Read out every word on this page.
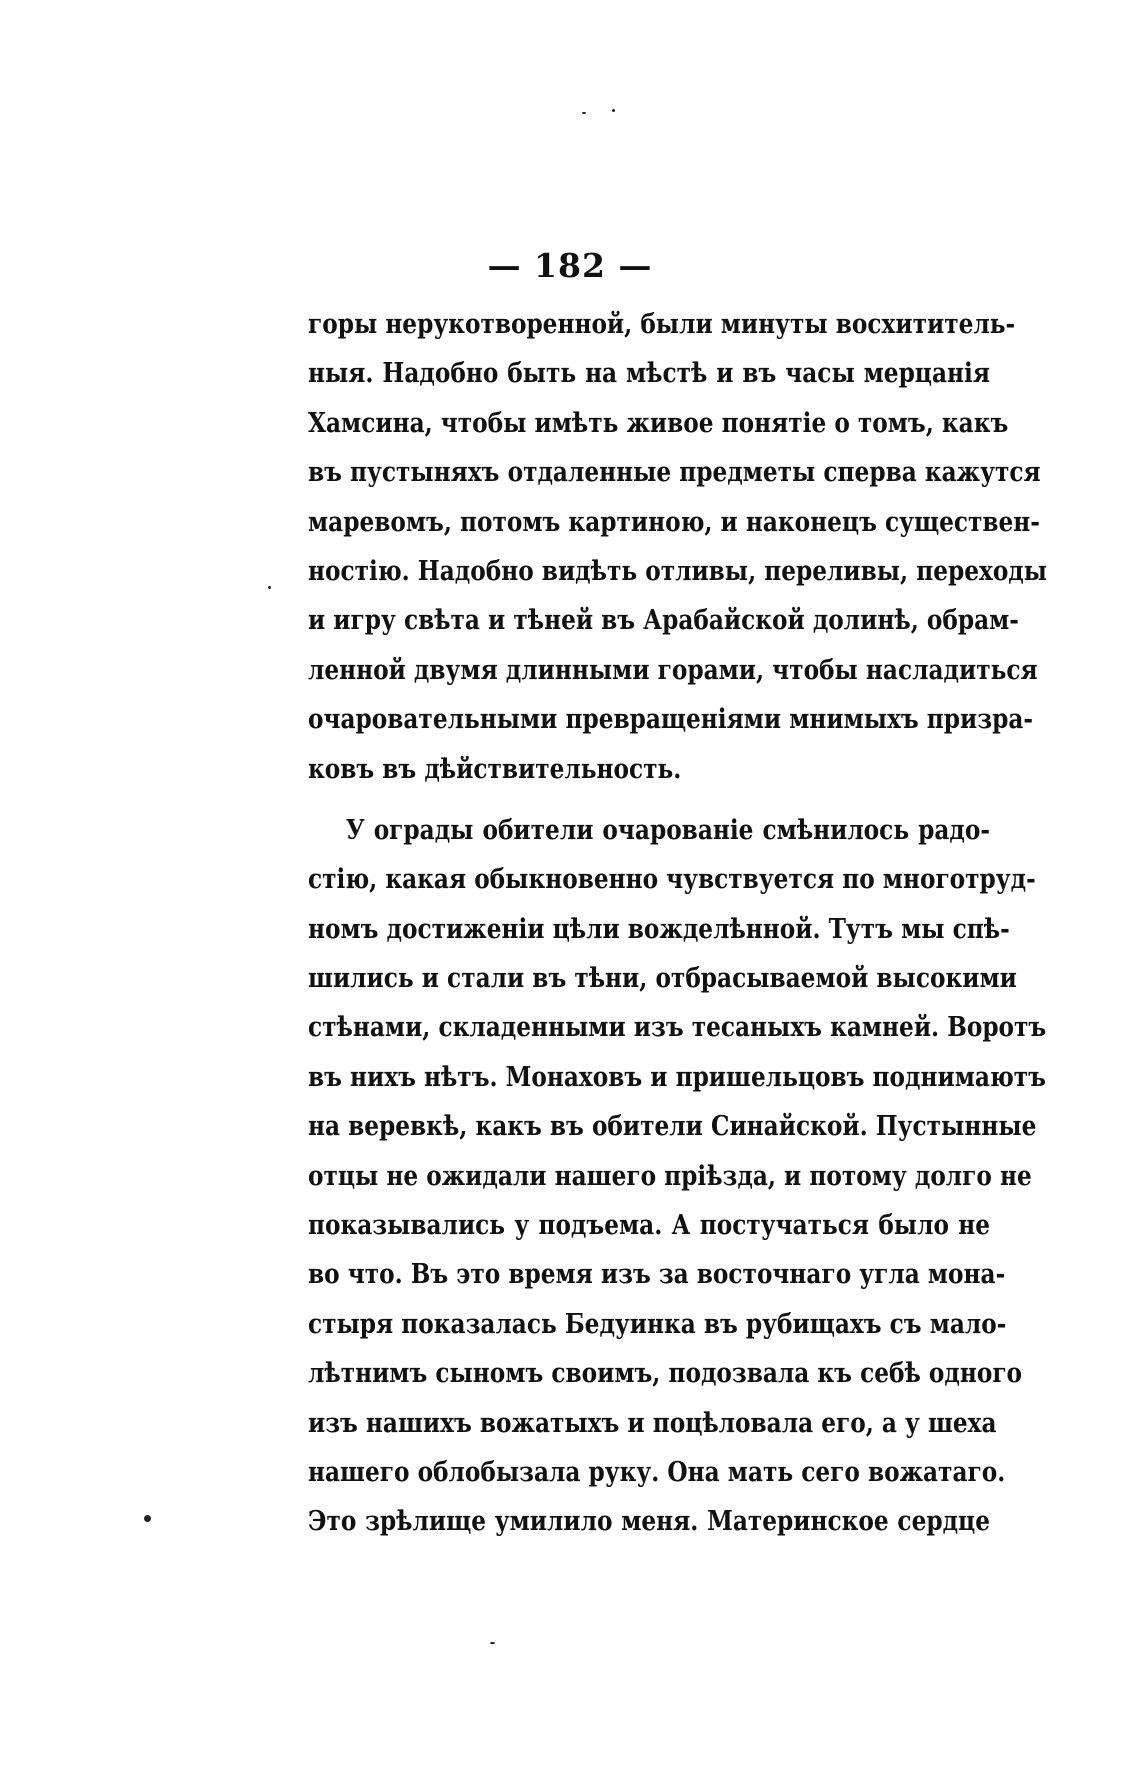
— 182 —
горы нерукотворенной, были минуты восхититель-
ныя. Надобно быть на мѣстѣ и въ часы мерцанія
Хамсина, чтобы имѣть живое понятіе о томъ, какъ
въ пустыняхъ отдаленные предметы сперва кажутся
маревомъ, потомъ картиною, и наконецъ существен-
ностію. Надобно видѣть отливы, переливы, переходы
и игру свѣта и тѣней въ Арабайской долинѣ, обрам-
ленной двумя длинными горами, чтобы насладиться
очаровательными превращеніями мнимыхъ призра-
ковъ въ дѣйствительность.
У ограды обители очарованіе смѣнилось радо-
стію, какая обыкновенно чувствуется по многотруд-
номъ достиженіи цѣли вожделѣнной. Тутъ мы спѣ-
шились и стали въ тѣни, отбрасываемой высокими
стѣнами, складенными изъ тесаныхъ камней. Воротъ
въ нихъ нѣтъ. Монаховъ и пришельцовъ поднимаютъ
на веревкѣ, какъ въ обители Синайской. Пустынные
отцы не ожидали нашего пріѣзда, и потому долго не
показывались у подъема. А постучаться было не
во что. Въ это время изъ за восточнаго угла мона-
стыря показалась Бедуинка въ рубищахъ съ мало-
лѣтнимъ сыномъ своимъ, подозвала къ себѣ одного
изъ нашихъ вожатыхъ и поцѣловала его, а у шеха
нашего облобызала руку. Она мать сего вожатаго.
Это зрѣлище умилило меня. Материнское сердце
